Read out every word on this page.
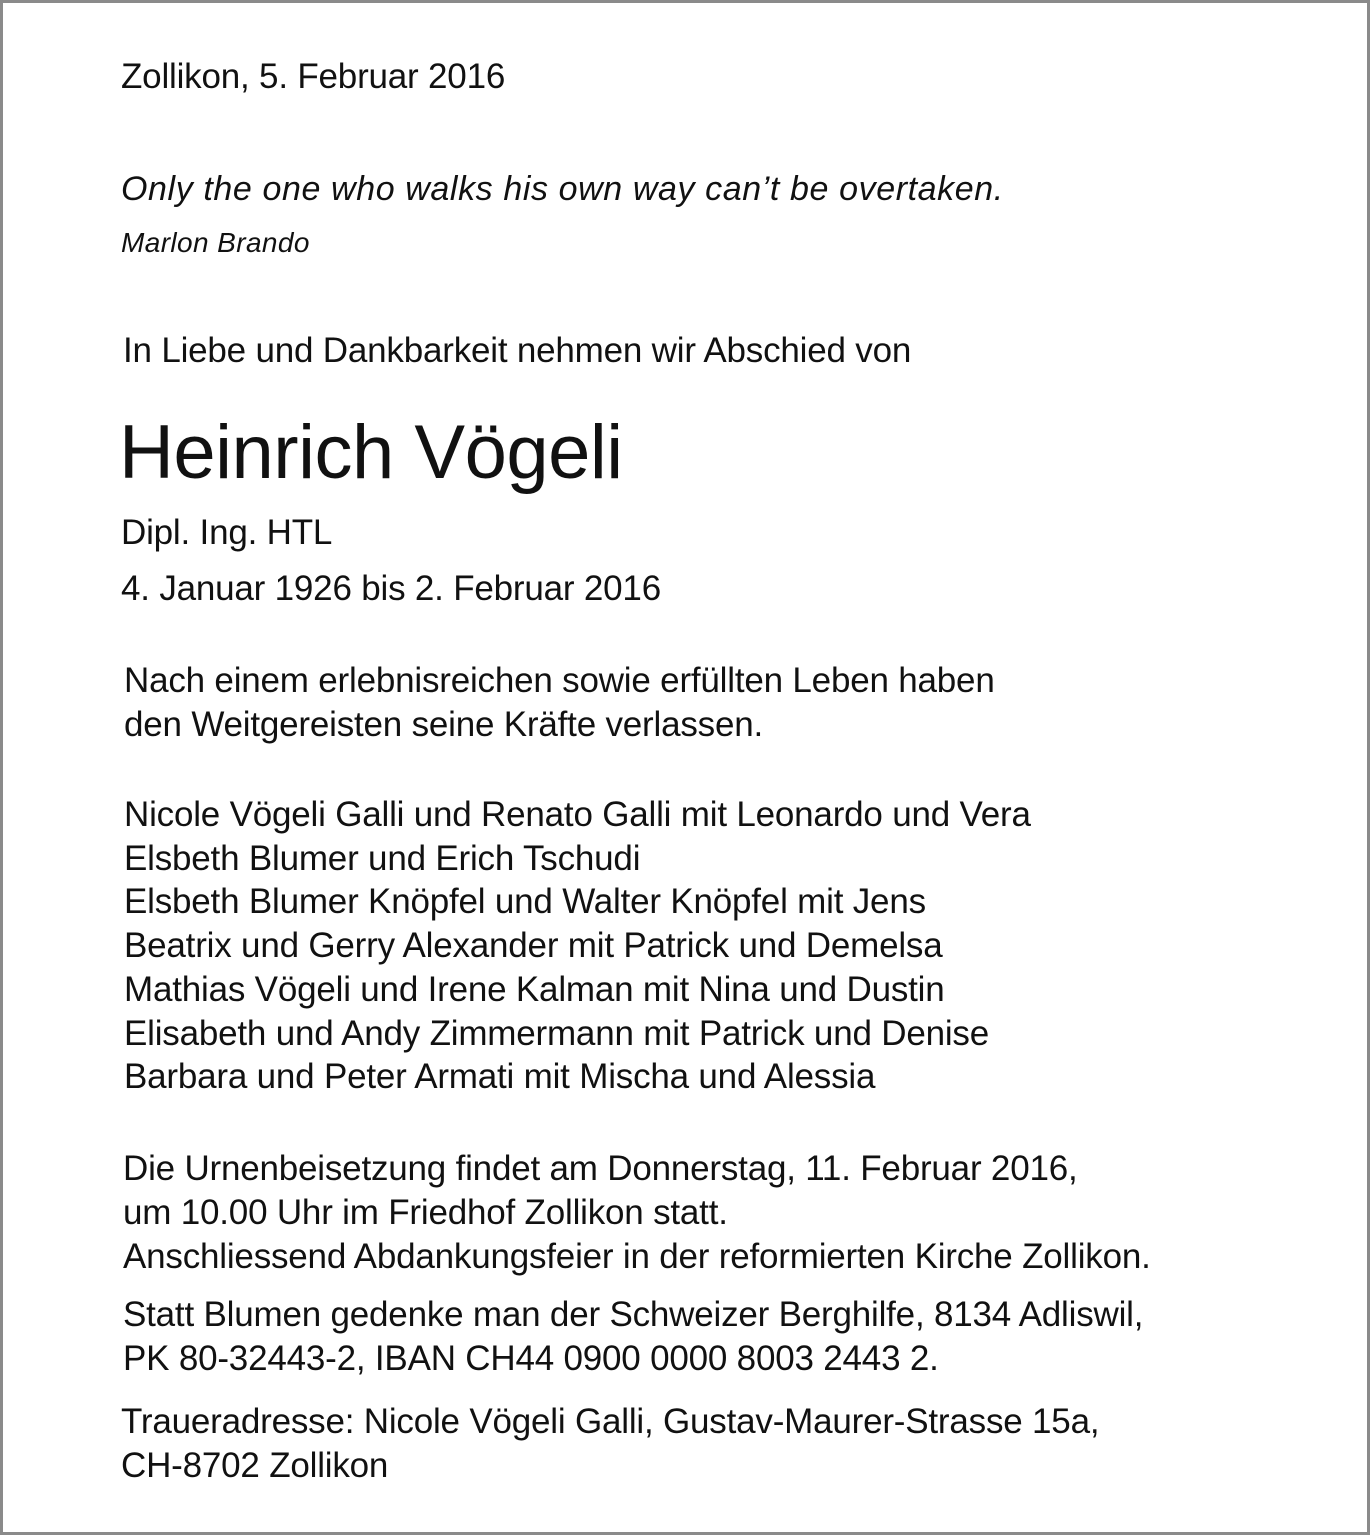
Zollikon, 5. Februar 2016

Only the one who walks his own way can’t be overtaken.

Marlon Brando

In Liebe und Dankbarkeit nehmen wir Abschied von

Heinrich Vögeli

Dipl. Ing. HTL

4. Januar 1926 bis 2. Februar 2016

Nach einem erlebnisreichen sowie erfüllten Leben haben
den Weitgereisten seine Kräfte verlassen.
Nicole Vögeli Galli und Renato Galli mit Leonardo und Vera
Elsbeth Blumer und Erich Tschudi
Elsbeth Blumer Knöpfel und Walter Knöpfel mit Jens
Beatrix und Gerry Alexander mit Patrick und Demelsa
Mathias Vögeli und Irene Kalman mit Nina und Dustin
Elisabeth und Andy Zimmermann mit Patrick und Denise
Barbara und Peter Armati mit Mischa und Alessia
Die Urnenbeisetzung findet am Donnerstag, 11. Februar 2016,
um 10.00 Uhr im Friedhof Zollikon statt.
Anschliessend Abdankungsfeier in der reformierten Kirche Zollikon.
Statt Blumen gedenke man der Schweizer Berghilfe, 8134 Adliswil,
PK 80-32443-2, IBAN CH44 0900 0000 8003 2443 2.
Traueradresse: Nicole Vögeli Galli, Gustav-Maurer-Strasse 15a,
CH-8702 Zollikon
